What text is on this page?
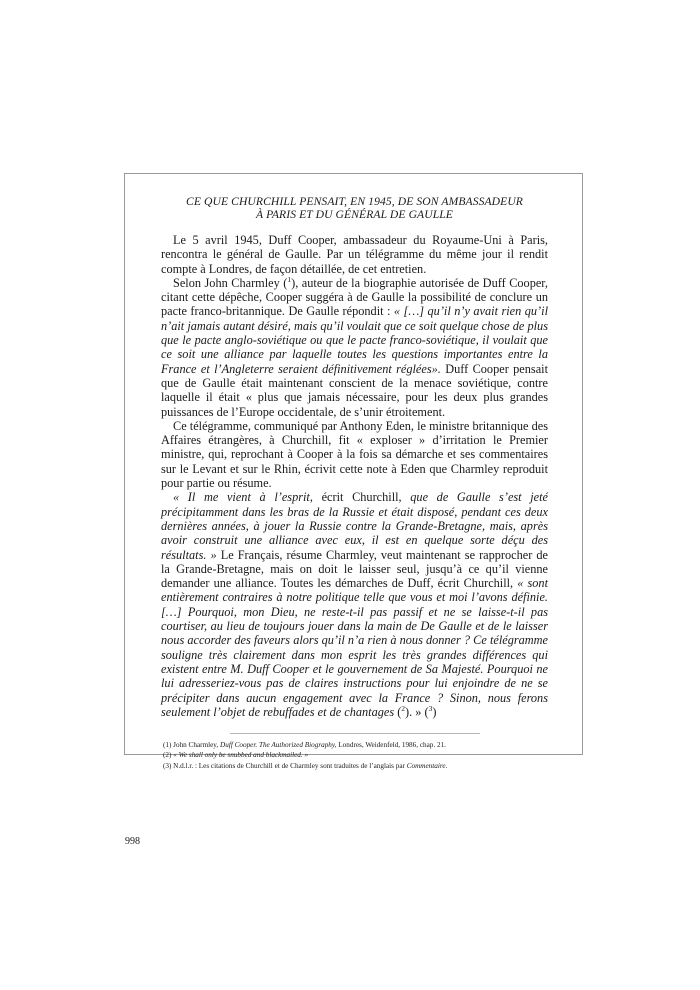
CE QUE CHURCHILL PENSAIT, EN 1945, DE SON AMBASSADEUR
À PARIS ET DU GÉNÉRAL DE GAULLE

Le 5 avril 1945, Duff Cooper, ambassadeur du Royaume-Uni à Paris, rencontra le général de Gaulle. Par un télégramme du même jour il rendit compte à Londres, de façon détaillée, de cet entretien.

Selon John Charmley ($^1$), auteur de la biographie autorisée de Duff Cooper, citant cette dépêche, Cooper suggéra à de Gaulle la possibilité de conclure un pacte franco-britannique. De Gaulle répondit : « […] qu’il n’y avait rien qu’il n’ait jamais autant désiré, mais qu’il voulait que ce soit quelque chose de plus que le pacte anglo-soviétique ou que le pacte franco-soviétique, il voulait que ce soit une alliance par laquelle toutes les questions importantes entre la France et l’Angleterre seraient définitivement réglées». Duff Cooper pensait que de Gaulle était maintenant conscient de la menace soviétique, contre laquelle il était « plus que jamais nécessaire, pour les deux plus grandes puissances de l’Europe occidentale, de s’unir étroitement.

Ce télégramme, communiqué par Anthony Eden, le ministre britannique des Affaires étrangères, à Churchill, fit « exploser » d’irritation le Premier ministre, qui, reprochant à Cooper à la fois sa démarche et ses commentaires sur le Levant et sur le Rhin, écrivit cette note à Eden que Charmley reproduit pour partie ou résume.

« Il me vient à l’esprit, écrit Churchill, que de Gaulle s’est jeté précipitamment dans les bras de la Russie et était disposé, pendant ces deux dernières années, à jouer la Russie contre la Grande-Bretagne, mais, après avoir construit une alliance avec eux, il est en quelque sorte déçu des résultats. » Le Français, résume Charmley, veut maintenant se rapprocher de la Grande-Bretagne, mais on doit le laisser seul, jusqu’à ce qu’il vienne demander une alliance. Toutes les démarches de Duff, écrit Churchill, « sont entièrement contraires à notre politique telle que vous et moi l’avons définie. […] Pourquoi, mon Dieu, ne reste-t-il pas passif et ne se laisse-t-il pas courtiser, au lieu de toujours jouer dans la main de De Gaulle et de le laisser nous accorder des faveurs alors qu’il n’a rien à nous donner ? Ce télégramme souligne très clairement dans mon esprit les très grandes différences qui existent entre M. Duff Cooper et le gouvernement de Sa Majesté. Pourquoi ne lui adresseriez-vous pas de claires instructions pour lui enjoindre de ne se précipiter dans aucun engagement avec la France ? Sinon, nous ferons seulement l’objet de rebuffades et de chantages ($^2$). » ($^3$)

(1) John Charmley, Duff Cooper. The Authorized Biography, Londres, Weidenfeld, 1986, chap. 21.

(2) « We shall only be snubbed and blackmailed. »

(3) N.d.l.r. : Les citations de Churchill et de Charmley sont traduites de l’anglais par Commentaire.

998
